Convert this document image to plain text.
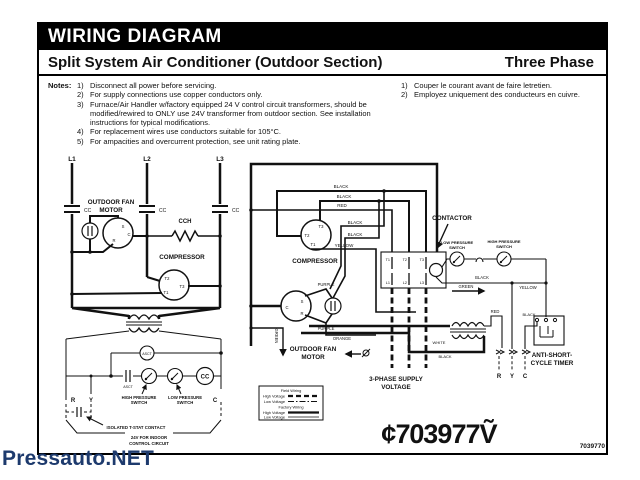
WIRING DIAGRAM
Split System Air Conditioner (Outdoor Section)	Three Phase
Notes: 1) Disconnect all power before servicing.
2) For supply connections use copper conductors only.
3) Furnace/Air Handler w/factory equipped 24 V control circuit transformers, should be modified/rewired to ONLY use 24V transformer from outdoor section. See installation instructions for typical modifications.
4) For replacement wires use conductors suitable for 105°C.
5) For ampacities and overcurrent protection, see unit rating plate.
1) Couper le courant avant de faire letretien.
2) Employez uniquement des conducteurs en cuivre.
L1	L2	L3
CC	CC	CC
OUTDOOR FAN
MOTOR
S
R
C
CCH
COMPRESSOR
T2
T3
T1
ASCT
ASCT
CC
HIGH PRESSURE
SWITCH
LOW PRESSURE
SWITCH
R Y	C
ISOLATED T-STAT CONTACT
24V FOR INDOOR
CONTROL CIRCUIT
RED
BLACK
BLACK
T3
T2
T1
COMPRESSOR
YELLOW
BLACK
BLACK
T1	T2	T3
L1	L2	L3
CONTACTOR
3-PHASE SUPPLY
VOLTAGE
LOW PRESSURE
SWITCH
HIGH PRESSURE
SWITCH
BLACK
GREEN	YELLOW
C
S
R
PURPLE
PURPLE
ORANGE
GREEN
OUTDOOR FAN
MOTOR
WHITE
BLACK
RED
R Y C
BLACK
ANTI-SHORT-
CYCLE TIMER
Field Wiring
High Voltage
Low Voltage
Factory Wiring
High Voltage
Low Voltage
¢703977Ṽ	7039770
Pressauto.NET
